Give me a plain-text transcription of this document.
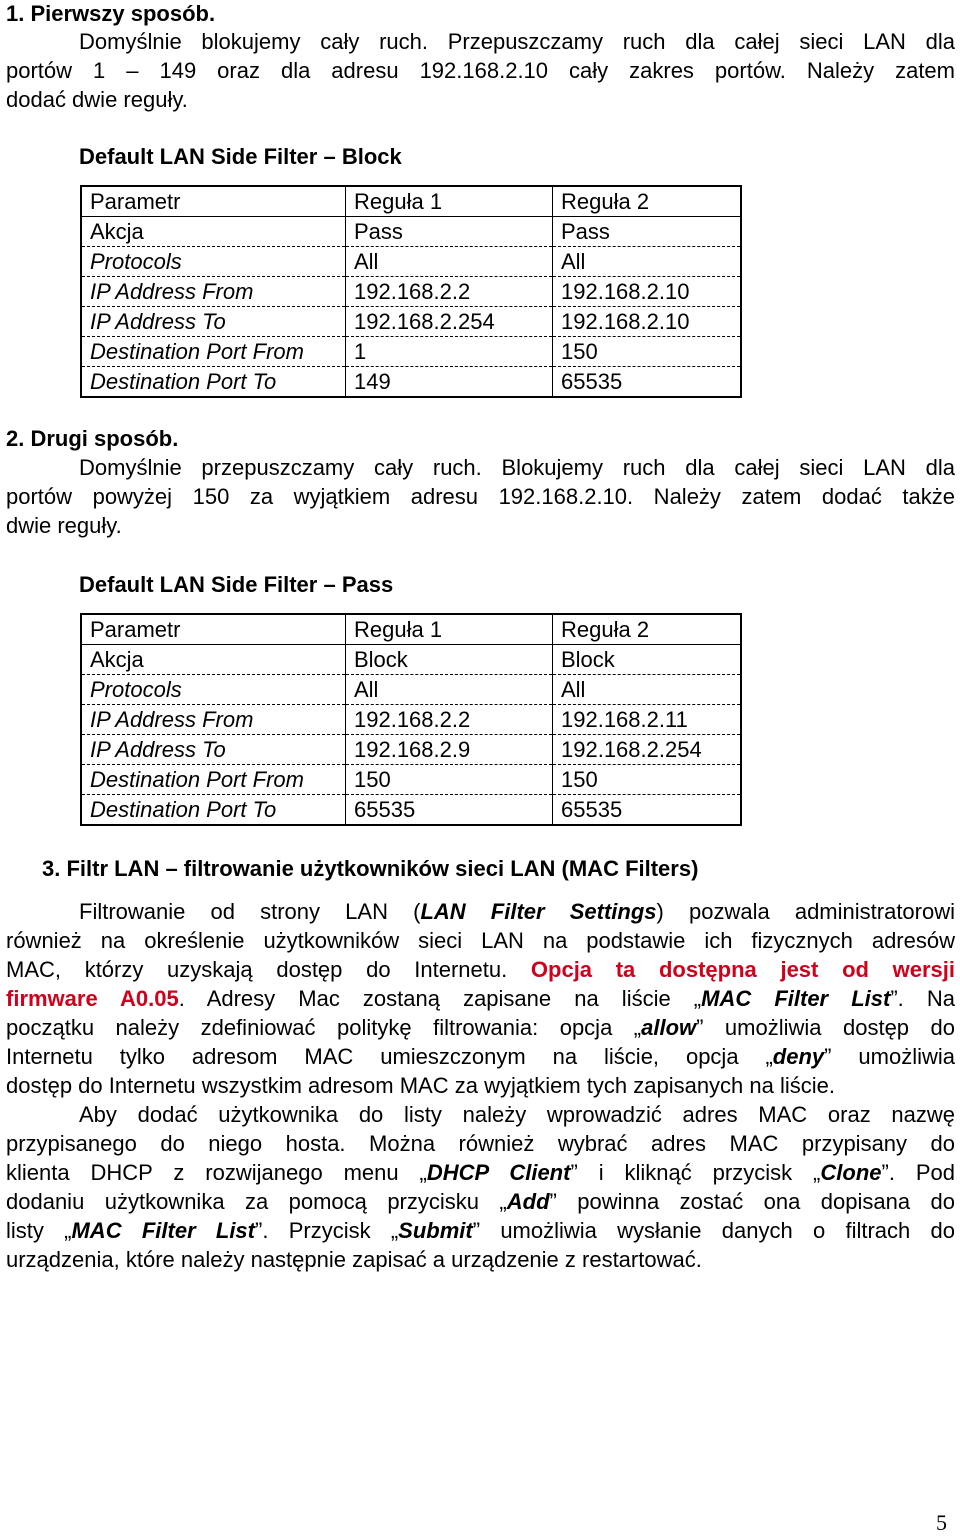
1. Pierwszy sposób.
Domyślnie blokujemy cały ruch. Przepuszczamy ruch dla całej sieci LAN dla
portów 1 – 149 oraz dla adresu 192.168.2.10 cały zakres portów. Należy zatem
dodać dwie reguły.
Default LAN Side Filter – Block
Parametr	Reguła 1	Reguła 2
Akcja	Pass	Pass
Protocols	All	All
IP Address From	192.168.2.2	192.168.2.10
IP Address To	192.168.2.254	192.168.2.10
Destination Port From	1	150
Destination Port To	149	65535
2. Drugi sposób.
Domyślnie przepuszczamy cały ruch. Blokujemy ruch dla całej sieci LAN dla
portów powyżej 150 za wyjątkiem adresu 192.168.2.10. Należy zatem dodać także
dwie reguły.
Default LAN Side Filter – Pass
Parametr	Reguła 1	Reguła 2
Akcja	Block	Block
Protocols	All	All
IP Address From	192.168.2.2	192.168.2.11
IP Address To	192.168.2.9	192.168.2.254
Destination Port From	150	150
Destination Port To	65535	65535
3. Filtr LAN – filtrowanie użytkowników sieci LAN (MAC Filters)
Filtrowanie od strony LAN (LAN Filter Settings) pozwala administratorowi
również na określenie użytkowników sieci LAN na podstawie ich fizycznych adresów
MAC, którzy uzyskają dostęp do Internetu. Opcja ta dostępna jest od wersji
firmware A0.05. Adresy Mac zostaną zapisane na liście „MAC Filter List”. Na
początku należy zdefiniować politykę filtrowania: opcja „allow” umożliwia dostęp do
Internetu tylko adresom MAC umieszczonym na liście, opcja „deny” umożliwia
dostęp do Internetu wszystkim adresom MAC za wyjątkiem tych zapisanych na liście.
Aby dodać użytkownika do listy należy wprowadzić adres MAC oraz nazwę
przypisanego do niego hosta. Można również wybrać adres MAC przypisany do
klienta DHCP z rozwijanego menu „DHCP Client” i kliknąć przycisk „Clone”. Pod
dodaniu użytkownika za pomocą przycisku „Add” powinna zostać ona dopisana do
listy „MAC Filter List”. Przycisk „Submit” umożliwia wysłanie danych o filtrach do
urządzenia, które należy następnie zapisać a urządzenie z restartować.
5
